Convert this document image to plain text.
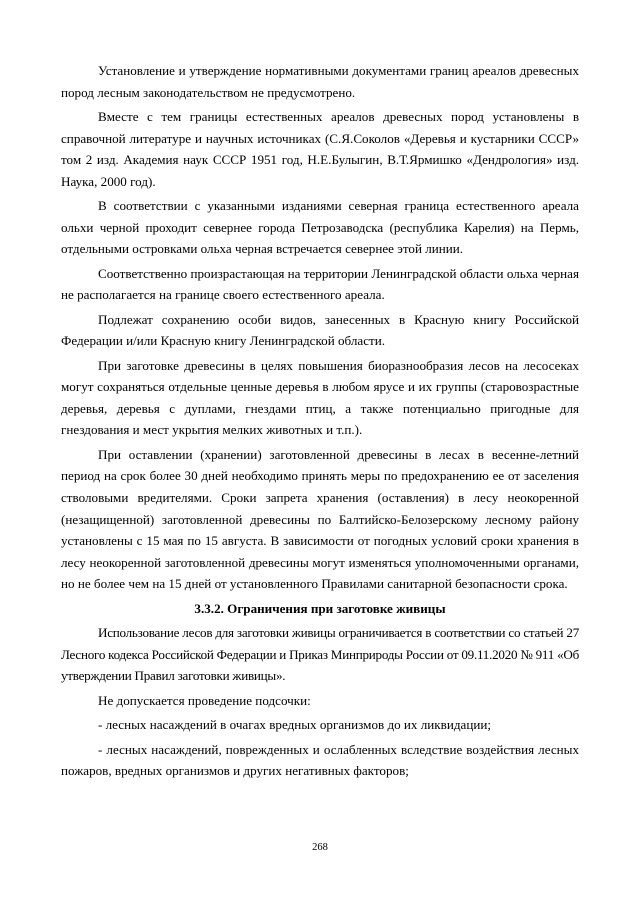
Установление и утверждение нормативными документами границ ареалов древесных пород лесным законодательством не предусмотрено.

Вместе с тем границы естественных ареалов древесных пород установлены в справочной литературе и научных источниках (С.Я.Соколов «Деревья и кустарники СССР» том 2 изд. Академия наук СССР 1951 год, Н.Е.Булыгин, В.Т.Ярмишко «Дендрология» изд. Наука, 2000 год).

В соответствии с указанными изданиями северная граница естественного ареала ольхи черной проходит севернее города Петрозаводска (республика Карелия) на Пермь, отдельными островками ольха черная встречается севернее этой линии.

Соответственно произрастающая на территории Ленинградской области ольха черная не располагается на границе своего естественного ареала.

Подлежат сохранению особи видов, занесенных в Красную книгу Российской Федерации и/или Красную книгу Ленинградской области.

При заготовке древесины в целях повышения биоразнообразия лесов на лесосеках могут сохраняться отдельные ценные деревья в любом ярусе и их группы (старовозрастные деревья, деревья с дуплами, гнездами птиц, а также потенциально пригодные для гнездования и мест укрытия мелких животных и т.п.).

При оставлении (хранении) заготовленной древесины в лесах в весенне-летний период на срок более 30 дней необходимо принять меры по предохранению ее от заселения стволовыми вредителями. Сроки запрета хранения (оставления) в лесу неокоренной (незащищенной) заготовленной древесины по Балтийско-Белозерскому лесному району установлены с 15 мая по 15 августа. В зависимости от погодных условий сроки хранения в лесу неокоренной заготовленной древесины могут изменяться уполномоченными органами, но не более чем на 15 дней от установленного Правилами санитарной безопасности срока.

3.3.2. Ограничения при заготовке живицы

Использование лесов для заготовки живицы ограничивается в соответствии со статьей 27 Лесного кодекса Российской Федерации и Приказ Минприроды России от 09.11.2020 № 911 «Об утверждении Правил заготовки живицы».

Не допускается проведение подсочки:

- лесных насаждений в очагах вредных организмов до их ликвидации;

- лесных насаждений, поврежденных и ослабленных вследствие воздействия лесных пожаров, вредных организмов и других негативных факторов;

268
